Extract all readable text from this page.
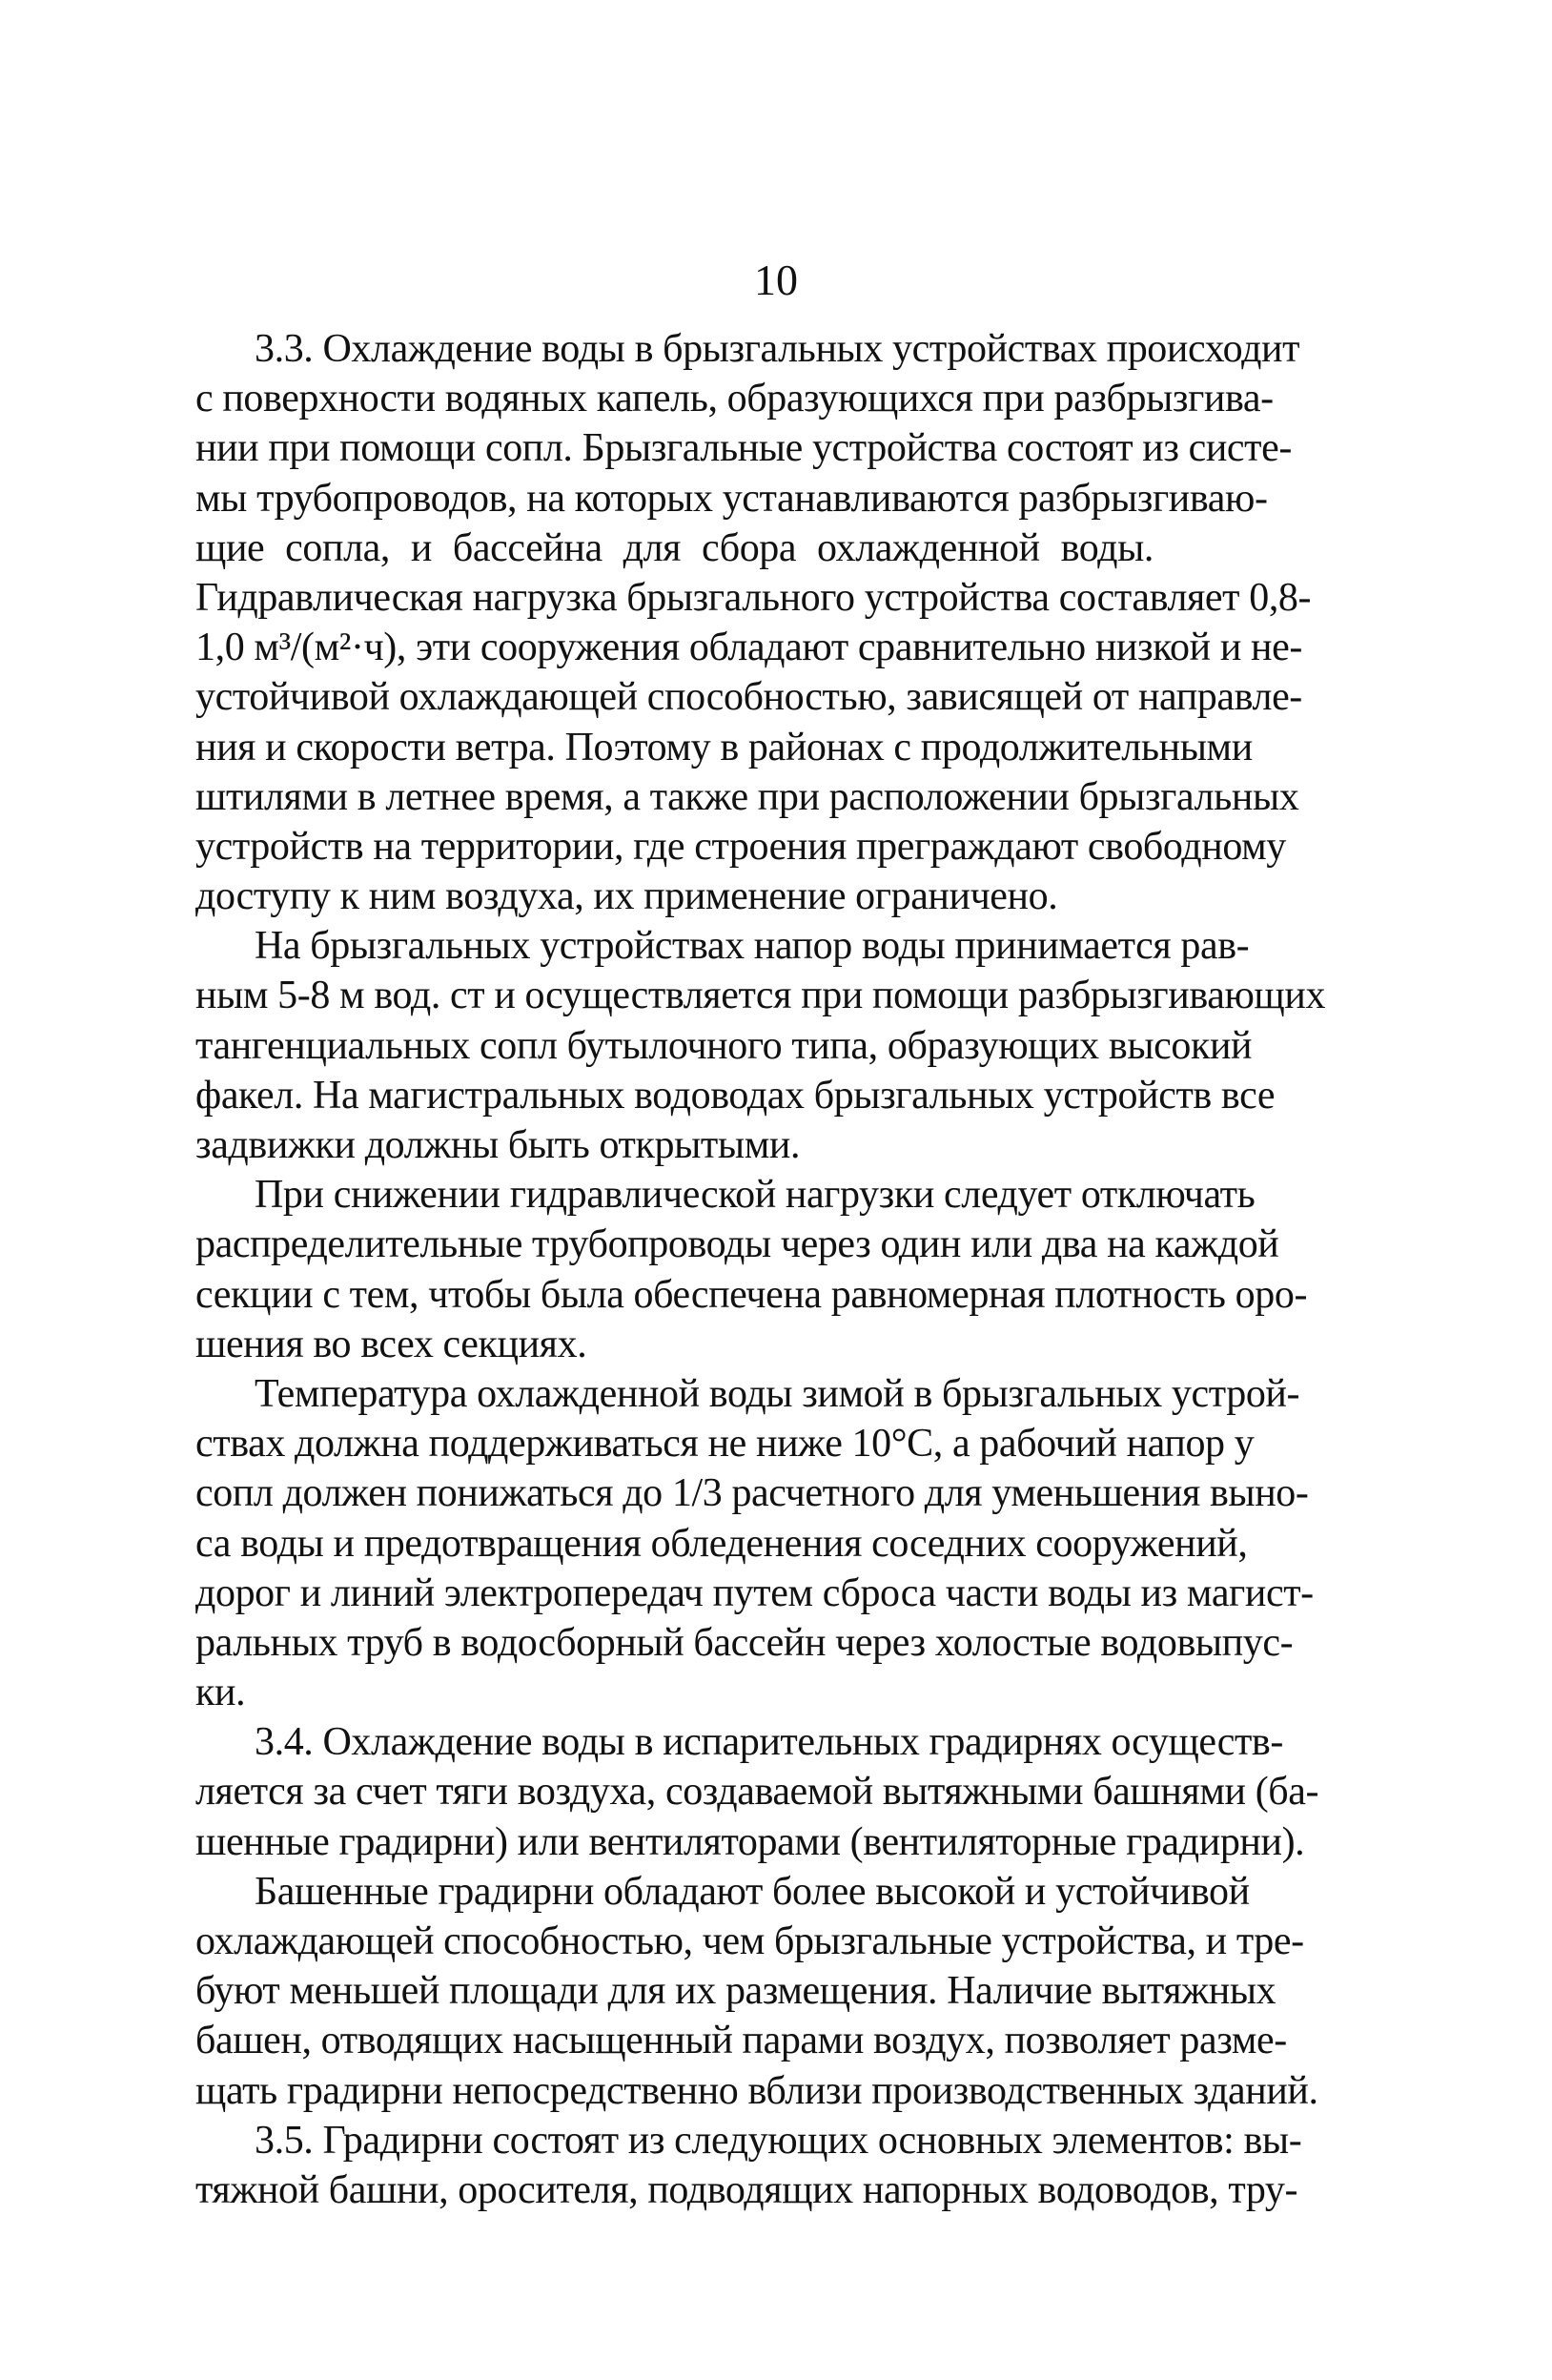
10
3.3. Охлаждение воды в брызгальных устройствах происходит
с поверхности водяных капель, образующихся при разбрызгива-
нии при помощи сопл. Брызгальные устройства состоят из систе-
мы трубопроводов, на которых устанавливаются разбрызгиваю-
щие сопла, и бассейна для сбора охлажденной воды.
Гидравлическая нагрузка брызгального устройства составляет 0,8-
1,0 м³/(м²·ч), эти сооружения обладают сравнительно низкой и не-
устойчивой охлаждающей способностью, зависящей от направле-
ния и скорости ветра. Поэтому в районах с продолжительными
штилями в летнее время, а также при расположении брызгальных
устройств на территории, где строения преграждают свободному
доступу к ним воздуха, их применение ограничено.
На брызгальных устройствах напор воды принимается рав-
ным 5-8 м вод. ст и осуществляется при помощи разбрызгивающих
тангенциальных сопл бутылочного типа, образующих высокий
факел. На магистральных водоводах брызгальных устройств все
задвижки должны быть открытыми.
При снижении гидравлической нагрузки следует отключать
распределительные трубопроводы через один или два на каждой
секции с тем, чтобы была обеспечена равномерная плотность оро-
шения во всех секциях.
Температура охлажденной воды зимой в брызгальных устрой-
ствах должна поддерживаться не ниже 10°С, а рабочий напор у
сопл должен понижаться до 1/3 расчетного для уменьшения выно-
са воды и предотвращения обледенения соседних сооружений,
дорог и линий электропередач путем сброса части воды из магист-
ральных труб в водосборный бассейн через холостые водовыпус-
ки.
3.4. Охлаждение воды в испарительных градирнях осуществ-
ляется за счет тяги воздуха, создаваемой вытяжными башнями (ба-
шенные градирни) или вентиляторами (вентиляторные градирни).
Башенные градирни обладают более высокой и устойчивой
охлаждающей способностью, чем брызгальные устройства, и тре-
буют меньшей площади для их размещения. Наличие вытяжных
башен, отводящих насыщенный парами воздух, позволяет разме-
щать градирни непосредственно вблизи производственных зданий.
3.5. Градирни состоят из следующих основных элементов: вы-
тяжной башни, оросителя, подводящих напорных водоводов, тру-
